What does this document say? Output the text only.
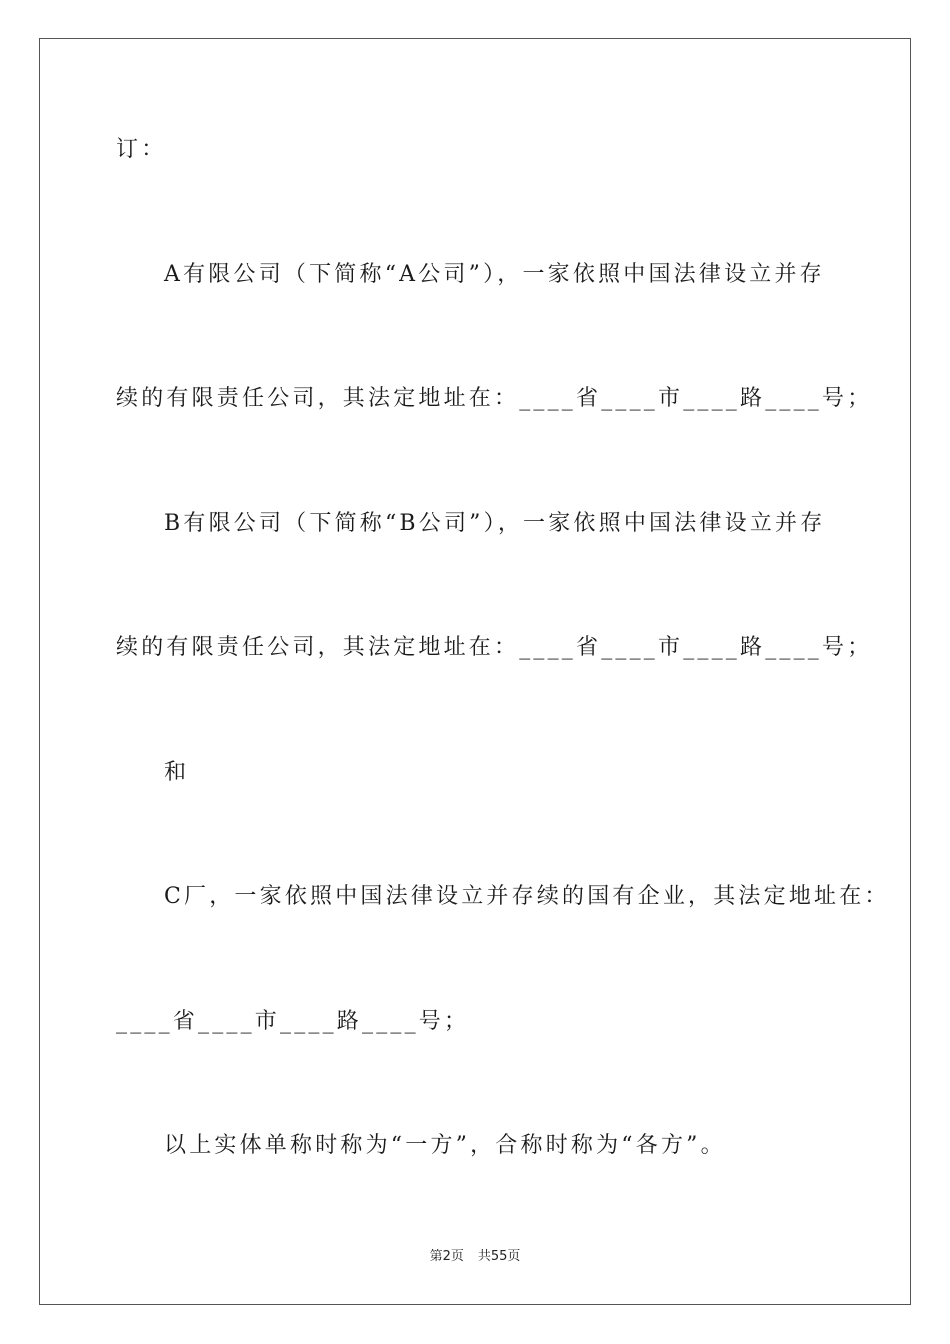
订：
A有限公司（下简称“A公司”），一家依照中国法律设立并存
续的有限责任公司，其法定地址在：____省____市____路____号；
B有限公司（下简称“B公司”），一家依照中国法律设立并存
续的有限责任公司，其法定地址在：____省____市____路____号；
和
C厂，一家依照中国法律设立并存续的国有企业，其法定地址在：
____省____市____路____号；
以上实体单称时称为“一方”，合称时称为“各方”。
第2页 共55页
